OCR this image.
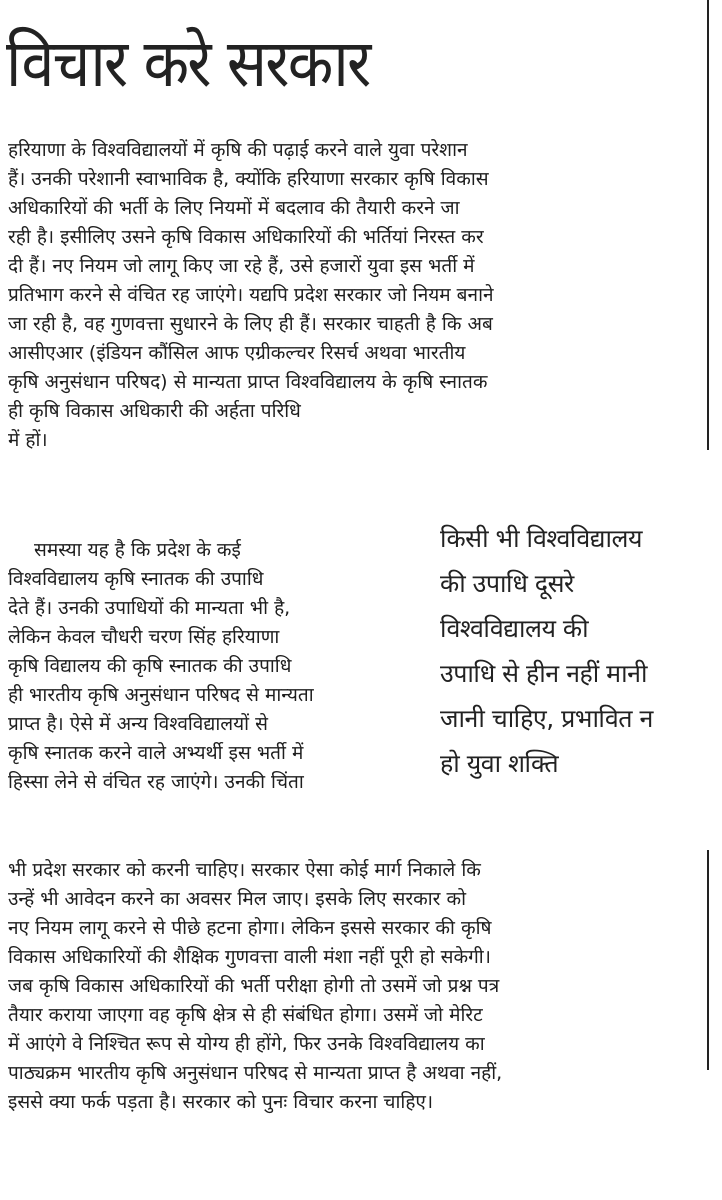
विचार करे सरकार
हरियाणा के विश्वविद्यालयों में कृषि की पढ़ाई करने वाले युवा परेशान
हैं। उनकी परेशानी स्वाभाविक है, क्योंकि हरियाणा सरकार कृषि विकास
अधिकारियों की भर्ती के लिए नियमों में बदलाव की तैयारी करने जा
रही है। इसीलिए उसने कृषि विकास अधिकारियों की भर्तियां निरस्त कर
दी हैं। नए नियम जो लागू किए जा रहे हैं, उसे हजारों युवा इस भर्ती में
प्रतिभाग करने से वंचित रह जाएंगे। यद्यपि प्रदेश सरकार जो नियम बनाने
जा रही है, वह गुणवत्ता सुधारने के लिए ही हैं। सरकार चाहती है कि अब
आसीएआर (इंडियन कौंसिल आफ एग्रीकल्चर रिसर्च अथवा भारतीय
कृषि अनुसंधान परिषद) से मान्यता प्राप्त विश्वविद्यालय के कृषि स्नातक
ही कृषि विकास अधिकारी की अर्हता परिधि
में हों।
समस्या यह है कि प्रदेश के कई
विश्वविद्यालय कृषि स्नातक की उपाधि
देते हैं। उनकी उपाधियों की मान्यता भी है,
लेकिन केवल चौधरी चरण सिंह हरियाणा
कृषि विद्यालय की कृषि स्नातक की उपाधि
ही भारतीय कृषि अनुसंधान परिषद से मान्यता
प्राप्त है। ऐसे में अन्य विश्वविद्यालयों से
कृषि स्नातक करने वाले अभ्यर्थी इस भर्ती में
हिस्सा लेने से वंचित रह जाएंगे। उनकी चिंता
किसी भी विश्वविद्यालय
की उपाधि दूसरे
विश्वविद्यालय की
उपाधि से हीन नहीं मानी
जानी चाहिए, प्रभावित न
हो युवा शक्ति
भी प्रदेश सरकार को करनी चाहिए। सरकार ऐसा कोई मार्ग निकाले कि
उन्हें भी आवेदन करने का अवसर मिल जाए। इसके लिए सरकार को
नए नियम लागू करने से पीछे हटना होगा। लेकिन इससे सरकार की कृषि
विकास अधिकारियों की शैक्षिक गुणवत्ता वाली मंशा नहीं पूरी हो सकेगी।
जब कृषि विकास अधिकारियों की भर्ती परीक्षा होगी तो उसमें जो प्रश्न पत्र
तैयार कराया जाएगा वह कृषि क्षेत्र से ही संबंधित होगा। उसमें जो मेरिट
में आएंगे वे निश्चित रूप से योग्य ही होंगे, फिर उनके विश्वविद्यालय का
पाठ्यक्रम भारतीय कृषि अनुसंधान परिषद से मान्यता प्राप्त है अथवा नहीं,
इससे क्या फर्क पड़ता है। सरकार को पुनः विचार करना चाहिए।
